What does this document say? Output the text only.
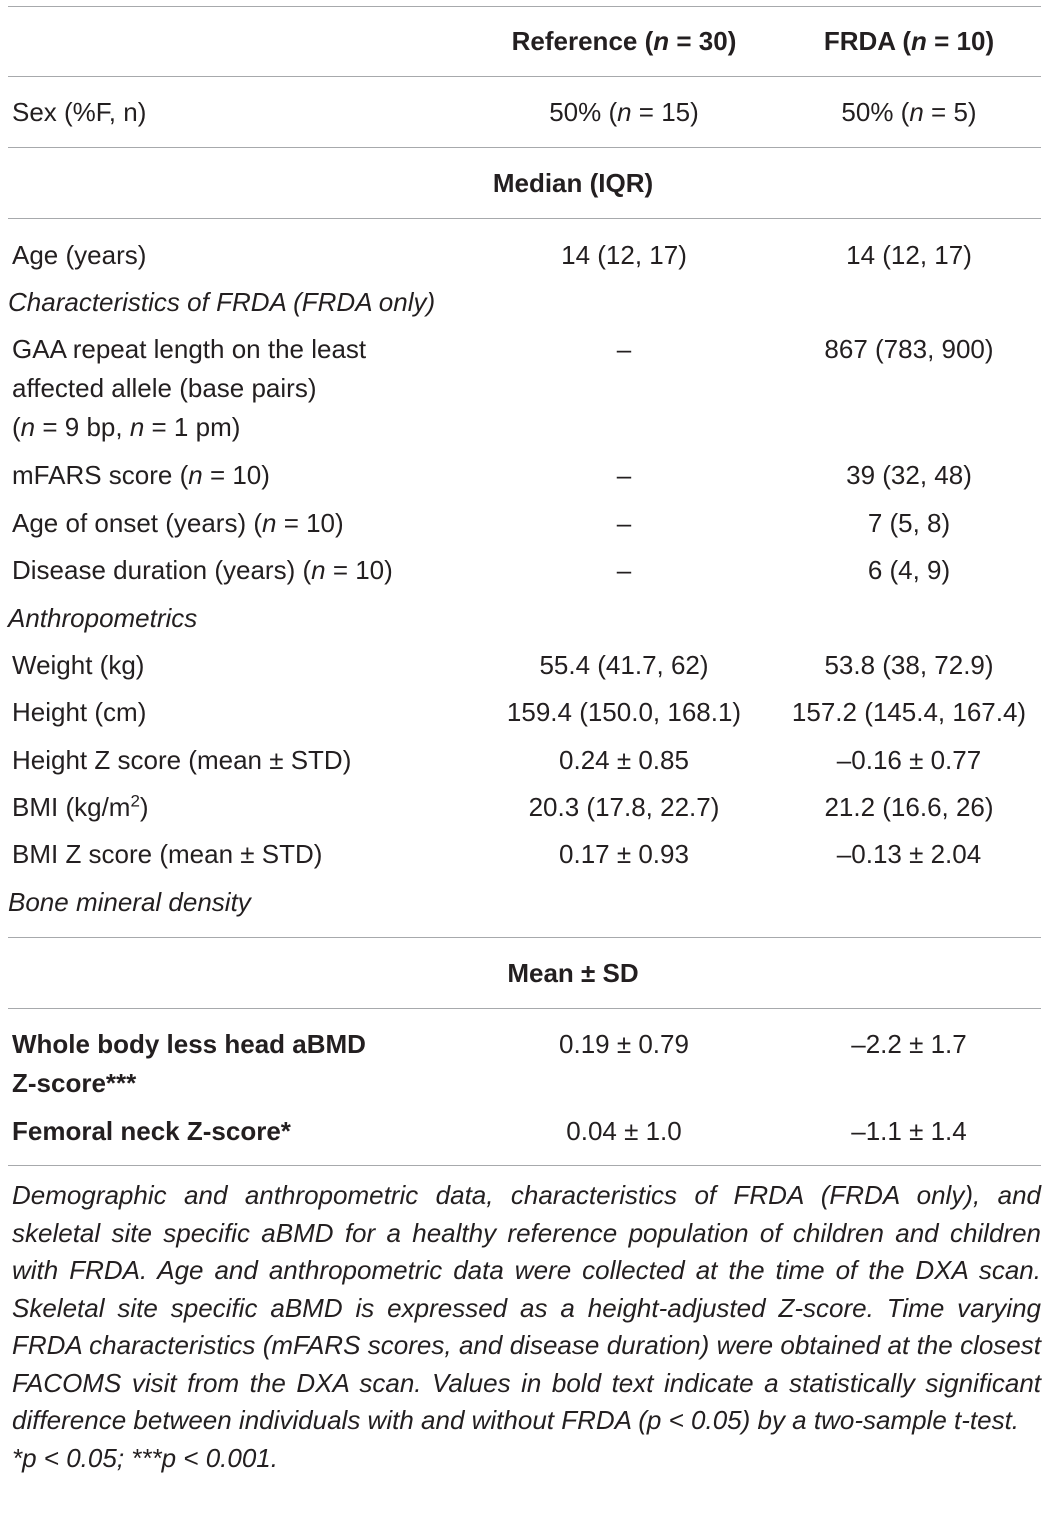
Reference (n = 30)	FRDA (n = 10)
Sex (%F, n)	50% (n = 15)	50% (n = 5)
Median (IQR)
Age (years)	14 (12, 17)	14 (12, 17)
Characteristics of FRDA (FRDA only)
GAA repeat length on the least
affected allele (base pairs)
(n = 9 bp, n = 1 pm)
–	867 (783, 900)
mFARS score (n = 10)	–	39 (32, 48)
Age of onset (years) (n = 10)	–	7 (5, 8)
Disease duration (years) (n = 10)	–	6 (4, 9)
Anthropometrics
Weight (kg)	55.4 (41.7, 62)	53.8 (38, 72.9)
Height (cm)	159.4 (150.0, 168.1)	157.2 (145.4, 167.4)
Height Z score (mean ± STD)	0.24 ± 0.85	–0.16 ± 0.77
BMI $(kg/m^2)$	20.3 (17.8, 22.7)	21.2 (16.6, 26)
BMI Z score (mean ± STD)	0.17 ± 0.93	–0.13 ± 2.04
Bone mineral density
Mean ± SD
Whole body less head aBMD
Z-score***
0.19 ± 0.79	–2.2 ± 1.7
Femoral neck Z-score*	0.04 ± 1.0	–1.1 ± 1.4

Demographic and anthropometric data, characteristics of FRDA (FRDA only), and skeletal site specific aBMD for a healthy reference population of children and children with FRDA. Age and anthropometric data were collected at the time of the DXA scan. Skeletal site specific aBMD is expressed as a height-adjusted Z-score. Time varying FRDA characteristics (mFARS scores, and disease duration) were obtained at the closest FACOMS visit from the DXA scan. Values in bold text indicate a statistically significant difference between individuals with and without FRDA (p < 0.05) by a two-sample t-test.

*p < 0.05; ***p < 0.001.
